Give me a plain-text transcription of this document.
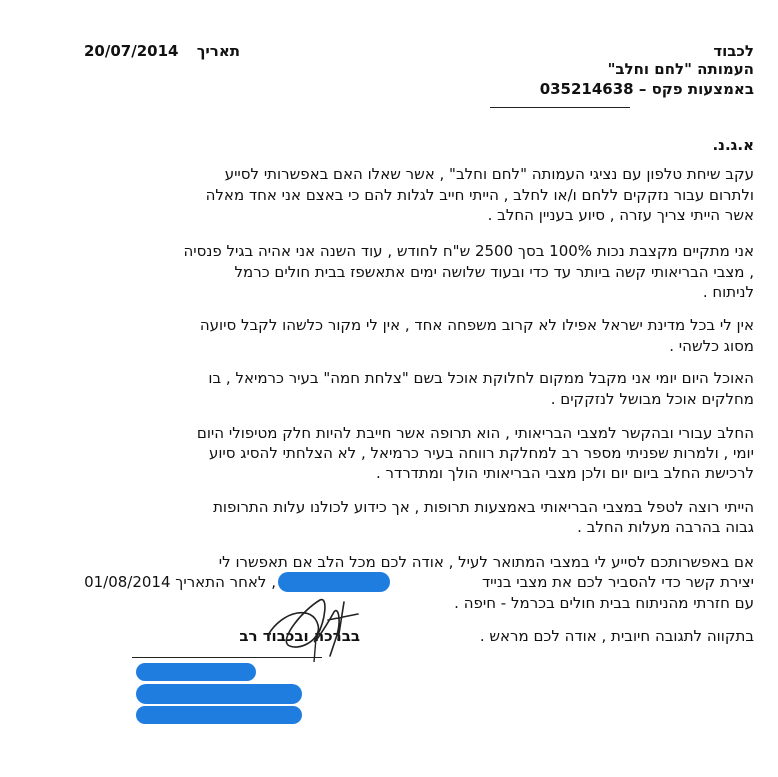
לכבוד
העמותה "לחם וחלב"
באמצעות פקס – 035214638
תאריך
20/07/2014
א.ג.נ.
עקב שיחת טלפון עם נציגי העמותה "לחם וחלב" , אשר שאלו האם באפשרותי לסייע
ולתרום עבור נזקקים ללחם ו/או לחלב , הייתי חייב לגלות להם כי באצם אני אחד מאלה
אשר הייתי צריך עזרה , סיוע בעניין החלב .
אני מתקיים מקצבת נכות 100% בסך 2500 ש"ח לחודש , עוד השנה אני אהיה בגיל פנסיה
, מצבי הבריאותי קשה ביותר עד כדי ובעוד שלושה ימים אתאשפז בבית חולים כרמל
לניתוח .
אין לי בכל מדינת ישראל אפילו לא קרוב משפחה אחד , אין לי מקור כלשהו לקבל סיועה
מסוג כלשהי .
האוכל היום יומי אני מקבל ממקום לחלוקת אוכל בשם "צלחת חמה" בעיר כרמיאל , בו
מחלקים אוכל מבושל לנזקקים .
החלב עבורי ובהקשר למצבי הבריאותי , הוא תרופה אשר חייבת להיות חלק מטיפולי היום
יומי , ולמרות שפניתי מספר רב למחלקת רווחה בעיר כרמיאל , לא הצלחתי להסיג סיוע
לרכישת החלב ביום יום ולכן מצבי הבריאותי הולך ומתדרדר .
הייתי רוצה לטפל במצבי הבריאותי באמצעות תרופות , אך כידוע לכולנו עלות התרופות
גבוה בהרבה מעלות החלב .
אם באפשרותכם לסייע לי במצבי המתואר לעיל , אודה לכם מכל הלב אם תאפשרו לי
יצירת קשר כדי להסביר לכם את מצבי בנייד
, לאחר התאריך 01/08/2014
עם חזרתי מהניתוח בבית חולים בכרמל - חיפה .
בתקווה לתגובה חיובית , אודה לכם מראש .
בברכה ובכבוד רב
